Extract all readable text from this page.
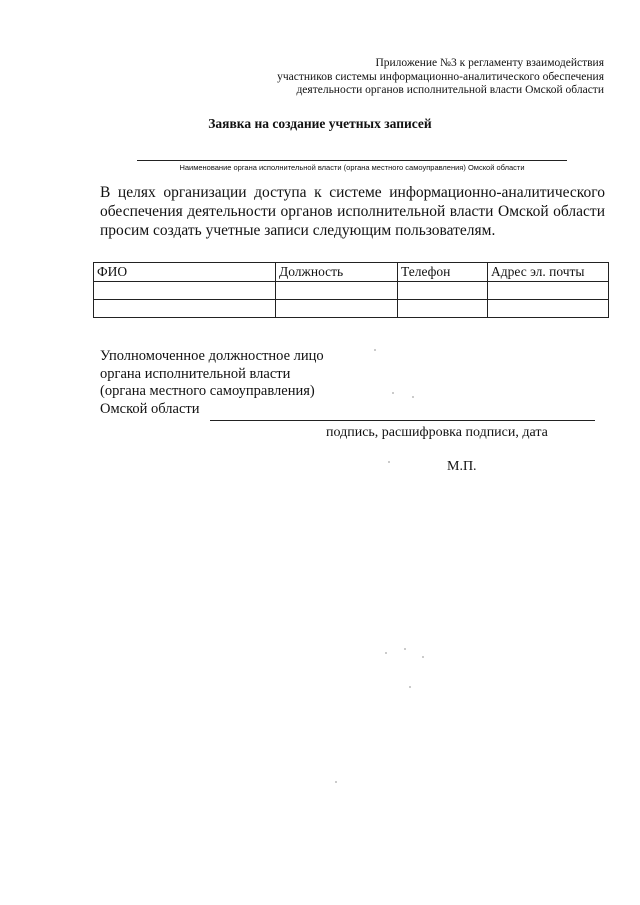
Приложение №3 к регламенту взаимодействия
участников системы информационно-аналитического обеспечения
деятельности органов исполнительной власти Омской области
Заявка на создание учетных записей
Наименование органа исполнительной власти (органа местного самоуправления) Омской области
В целях организации доступа к системе информационно-аналитического
обеспечения деятельности органов исполнительной власти Омской области
просим создать учетные записи следующим пользователям.
ФИО	Должность	Телефон	Адрес эл. почты

Уполномоченное должностное лицо
органа исполнительной власти
(органа местного самоуправления)
Омской области
подпись, расшифровка подписи, дата
М.П.
